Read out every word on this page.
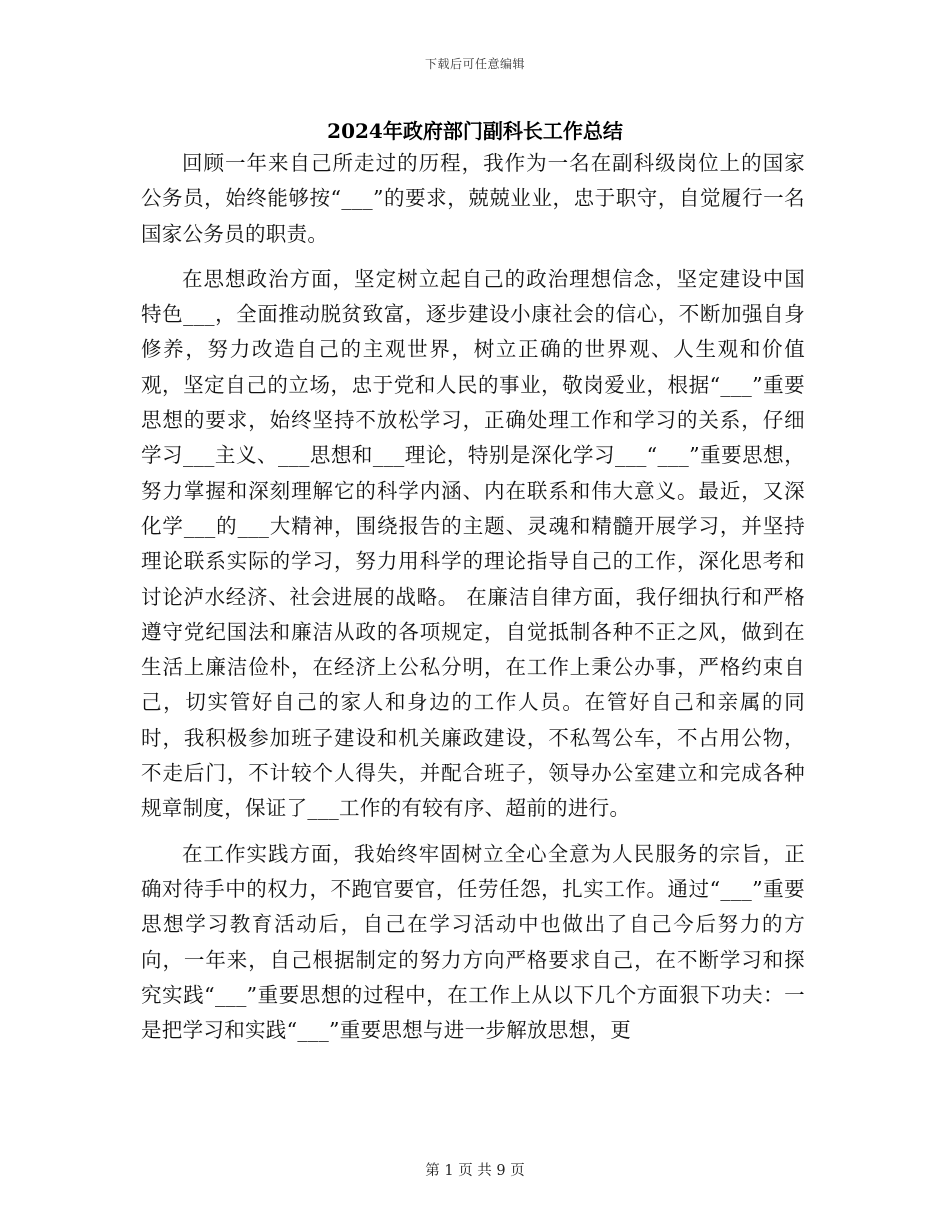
下载后可任意编辑
2024年政府部门副科长工作总结

回顾一年来自己所走过的历程，我作为一名在副科级岗位上的国家公务员，始终能够按“___”的要求，兢兢业业，忠于职守，自觉履行一名国家公务员的职责。

在思想政治方面，坚定树立起自己的政治理想信念，坚定建设中国特色___，全面推动脱贫致富，逐步建设小康社会的信心，不断加强自身修养，努力改造自己的主观世界，树立正确的世界观、人生观和价值观，坚定自己的立场，忠于党和人民的事业，敬岗爱业，根据“___”重要思想的要求，始终坚持不放松学习，正确处理工作和学习的关系，仔细学习___主义、___思想和___理论，特别是深化学习___“___”重要思想，努力掌握和深刻理解它的科学内涵、内在联系和伟大意义。最近，又深化学___的___大精神，围绕报告的主题、灵魂和精髓开展学习，并坚持理论联系实际的学习，努力用科学的理论指导自己的工作，深化思考和讨论泸水经济、社会进展的战略。 在廉洁自律方面，我仔细执行和严格遵守党纪国法和廉洁从政的各项规定，自觉抵制各种不正之风，做到在生活上廉洁俭朴，在经济上公私分明，在工作上秉公办事，严格约束自己，切实管好自己的家人和身边的工作人员。在管好自己和亲属的同时，我积极参加班子建设和机关廉政建设，不私驾公车，不占用公物，不走后门，不计较个人得失，并配合班子，领导办公室建立和完成各种规章制度，保证了___工作的有较有序、超前的进行。

在工作实践方面，我始终牢固树立全心全意为人民服务的宗旨，正确对待手中的权力，不跑官要官，任劳任怨，扎实工作。通过“___”重要思想学习教育活动后，自己在学习活动中也做出了自己今后努力的方向，一年来，自己根据制定的努力方向严格要求自己，在不断学习和探究实践“___”重要思想的过程中，在工作上从以下几个方面狠下功夫：一是把学习和实践“___”重要思想与进一步解放思想，更

第 1 页 共 9 页
